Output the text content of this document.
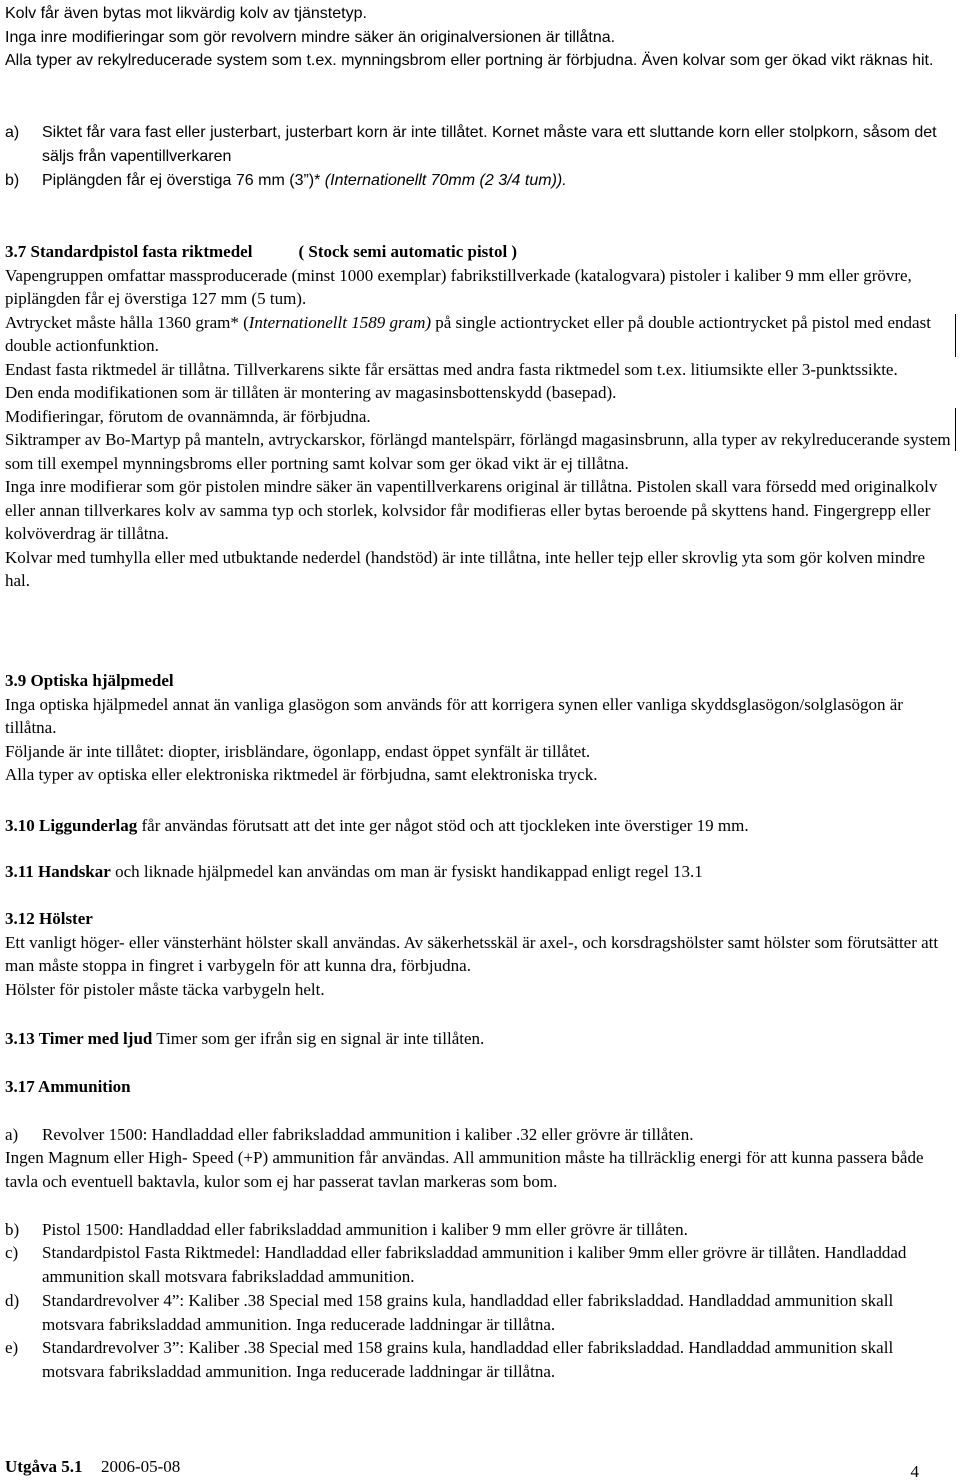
Kolv får även bytas mot likvärdig kolv av tjänstetyp.

Inga inre modifieringar som gör revolvern mindre säker än originalversionen är tillåtna.

Alla typer av rekylreducerade system som t.ex. mynningsbrom eller portning är förbjudna. Även kolvar som ger ökad vikt räknas hit.

a)	Siktet får vara fast eller justerbart, justerbart korn är inte tillåtet. Kornet måste vara ett sluttande korn eller stolpkorn, såsom det säljs från vapentillverkaren
b)	Piplängden får ej överstiga 76 mm (3”)* (Internationellt 70mm (2 3/4 tum)).

3.7 Standardpistol fasta riktmedel	( Stock semi automatic pistol )

Vapengruppen omfattar massproducerade (minst 1000 exemplar) fabrikstillverkade (katalogvara) pistoler i kaliber 9 mm eller grövre, piplängden får ej överstiga 127 mm (5 tum).

Avtrycket måste hålla 1360 gram* (Internationellt 1589 gram) på single actiontrycket eller på double actiontrycket på pistol med endast double actionfunktion.

Endast fasta riktmedel är tillåtna. Tillverkarens sikte får ersättas med andra fasta riktmedel som t.ex. litiumsikte eller 3-punktssikte.

Den enda modifikationen som är tillåten är montering av magasinsbottenskydd (basepad).

Modifieringar, förutom de ovannämnda, är förbjudna.

Siktramper av Bo-Martyp på manteln, avtryckarskor, förlängd mantelspärr, förlängd magasinsbrunn, alla typer av rekylreducerande system som till exempel mynningsbroms eller portning samt kolvar som ger ökad vikt är ej tillåtna.

Inga inre modifierar som gör pistolen mindre säker än vapentillverkarens original är tillåtna. Pistolen skall vara försedd med originalkolv eller annan tillverkares kolv av samma typ och storlek, kolvsidor får modifieras eller bytas beroende på skyttens hand. Fingergrepp eller kolvöverdrag är tillåtna.

Kolvar med tumhylla eller med utbuktande nederdel (handstöd) är inte tillåtna, inte heller tejp eller skrovlig yta som gör kolven mindre hal.

3.9 Optiska hjälpmedel

Inga optiska hjälpmedel annat än vanliga glasögon som används för att korrigera synen eller vanliga skyddsglasögon/solglasögon är tillåtna.

Följande är inte tillåtet: diopter, irisbländare, ögonlapp, endast öppet synfält är tillåtet.

Alla typer av optiska eller elektroniska riktmedel är förbjudna, samt elektroniska tryck.

3.10 Liggunderlag får användas förutsatt att det inte ger något stöd och att tjockleken inte överstiger 19 mm.

3.11 Handskar och liknade hjälpmedel kan användas om man är fysiskt handikappad enligt regel 13.1

3.12 Hölster

Ett vanligt höger- eller vänsterhänt hölster skall användas. Av säkerhetsskäl är axel-, och korsdragshölster samt hölster som förutsätter att man måste stoppa in fingret i varbygeln för att kunna dra, förbjudna.

Hölster för pistoler måste täcka varbygeln helt.

3.13 Timer med ljud Timer som ger ifrån sig en signal är inte tillåten.

3.17 Ammunition

a)	Revolver 1500: Handladdad eller fabriksladdad ammunition i kaliber .32 eller grövre är tillåten.

Ingen Magnum eller High- Speed (+P) ammunition får användas. All ammunition måste ha tillräcklig energi för att kunna passera både tavla och eventuell baktavla, kulor som ej har passerat tavlan markeras som bom.

b)	Pistol 1500: Handladdad eller fabriksladdad ammunition i kaliber 9 mm eller grövre är tillåten.
c)	Standardpistol Fasta Riktmedel: Handladdad eller fabriksladdad ammunition i kaliber 9mm eller grövre är tillåten. Handladdad ammunition skall motsvara fabriksladdad ammunition.
d)	Standardrevolver 4”: Kaliber .38 Special med 158 grains kula, handladdad eller fabriksladdad. Handladdad ammunition skall motsvara fabriksladdad ammunition. Inga reducerade laddningar är tillåtna.
e)	Standardrevolver 3”: Kaliber .38 Special med 158 grains kula, handladdad eller fabriksladdad. Handladdad ammunition skall motsvara fabriksladdad ammunition. Inga reducerade laddningar är tillåtna.
Utgåva 5.1 2006-05-08	4
